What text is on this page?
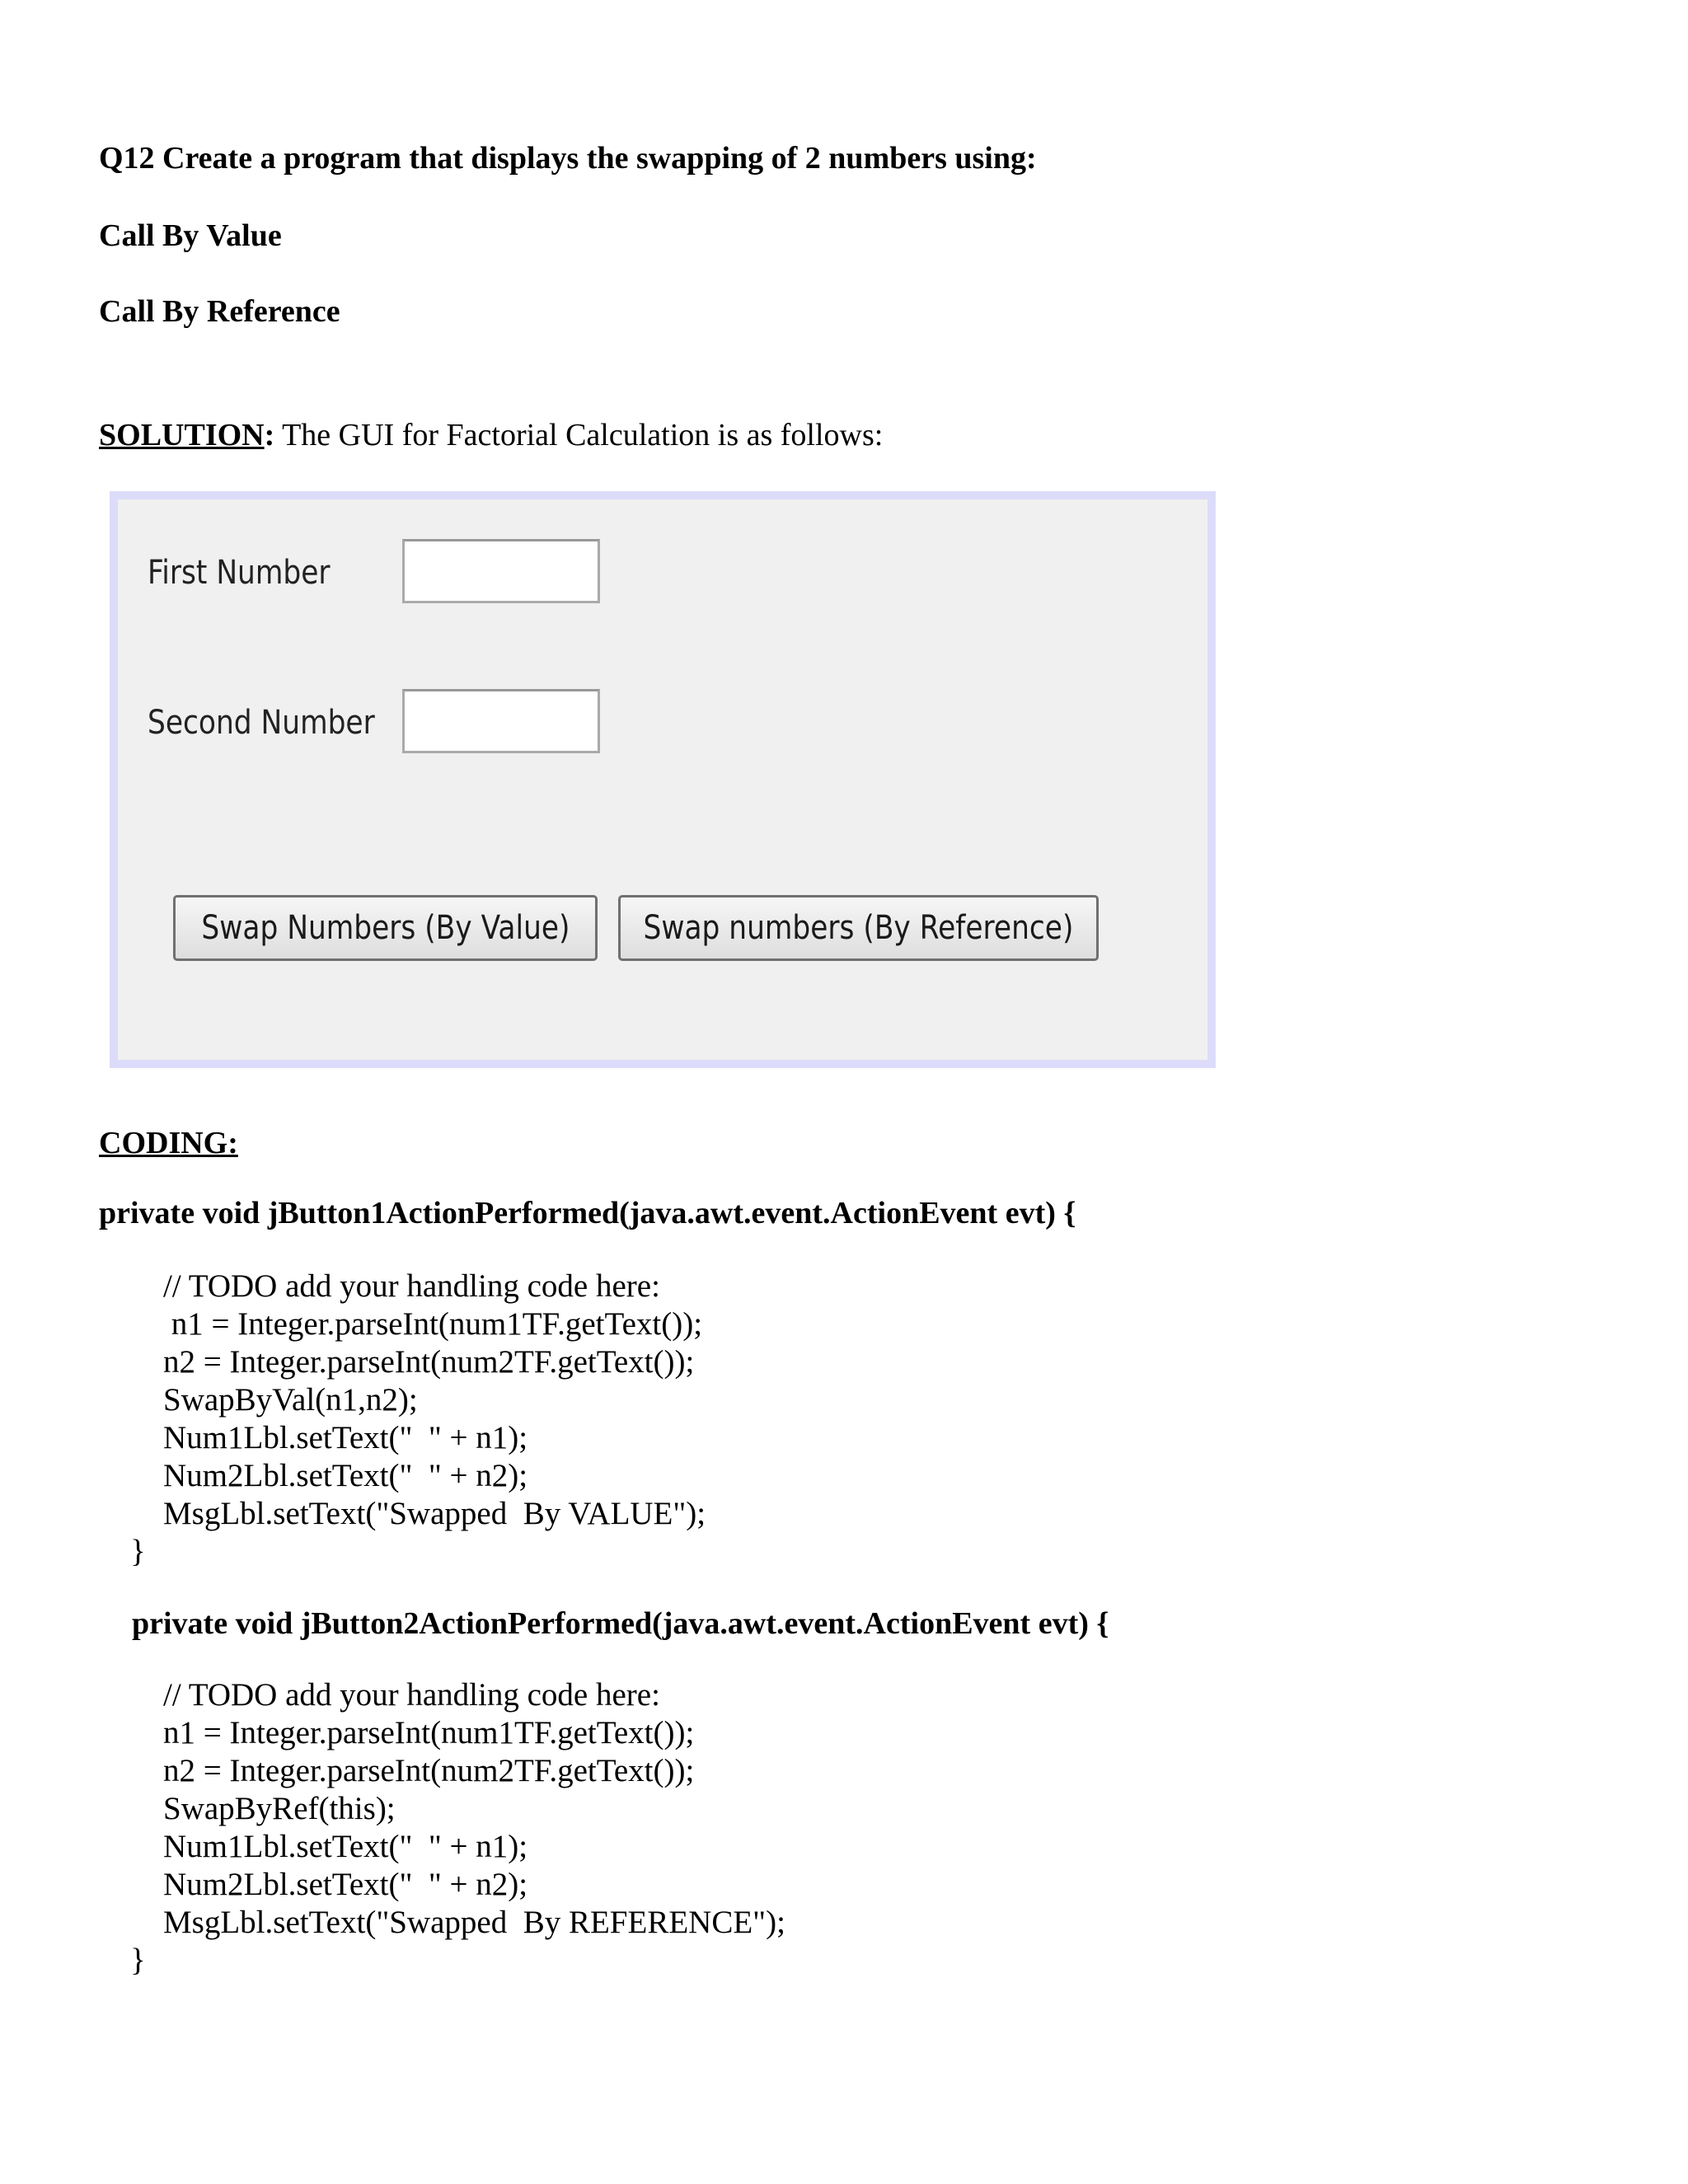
Q12 Create a program that displays the swapping of 2 numbers using:
Call By Value
Call By Reference
SOLUTION: The GUI for Factorial Calculation is as follows:
First Number
Second Number
Swap Numbers (By Value) Swap numbers (By Reference)
CODING:
private void jButton1ActionPerformed(java.awt.event.ActionEvent evt) {
// TODO add your handling code here:
n1 = Integer.parseInt(num1TF.getText());
n2 = Integer.parseInt(num2TF.getText());
SwapByVal(n1,n2);
Num1Lbl.setText("  " + n1);
Num2Lbl.setText("  " + n2);
MsgLbl.setText("Swapped  By VALUE");
}
private void jButton2ActionPerformed(java.awt.event.ActionEvent evt) {
// TODO add your handling code here:
n1 = Integer.parseInt(num1TF.getText());
n2 = Integer.parseInt(num2TF.getText());
SwapByRef(this);
Num1Lbl.setText("  " + n1);
Num2Lbl.setText("  " + n2);
MsgLbl.setText("Swapped  By REFERENCE");
}
